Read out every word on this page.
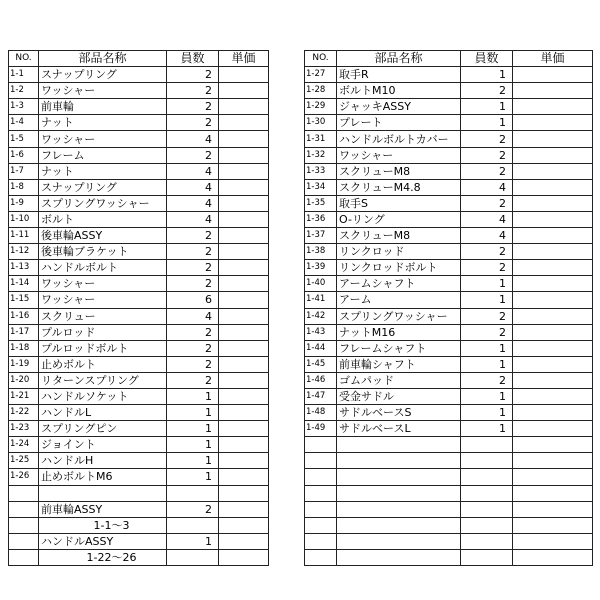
NO.	部品名称	員数	単価
1-1	スナップリング	2	
1-2	ワッシャー	2	
1-3	前車輪	2	
1-4	ナット	2	
1-5	ワッシャー	4	
1-6	フレーム	2	
1-7	ナット	4	
1-8	スナップリング	4	
1-9	スプリングワッシャー	4	
1-10	ボルト	4	
1-11	後車輪ASSY	2	
1-12	後車輪ブラケット	2	
1-13	ハンドルボルト	2	
1-14	ワッシャー	2	
1-15	ワッシャー	6	
1-16	スクリュー	4	
1-17	プルロッド	2	
1-18	プルロッドボルト	2	
1-19	止めボルト	2	
1-20	リターンスプリング	2	
1-21	ハンドルソケット	1	
1-22	ハンドルL	1	
1-23	スプリングピン	1	
1-24	ジョイント	1	
1-25	ハンドルH	1	
1-26	止めボルトM6	1	

	前車輪ASSY	2	
	1-1～3		
	ハンドルASSY	1	
	1-22～26		
NO.	部品名称	員数	単価
1-27	取手R	1	
1-28	ボルトM10	2	
1-29	ジャッキASSY	1	
1-30	プレート	1	
1-31	ハンドルボルトカバー	2	
1-32	ワッシャー	2	
1-33	スクリューM8	2	
1-34	スクリューM4.8	4	
1-35	取手S	2	
1-36	O-リング	4	
1-37	スクリューM8	4	
1-38	リンクロッド	2	
1-39	リンクロッドボルト	2	
1-40	アームシャフト	1	
1-41	アーム	1	
1-42	スプリングワッシャー	2	
1-43	ナットM16	2	
1-44	フレームシャフト	1	
1-45	前車輪シャフト	1	
1-46	ゴムパッド	2	
1-47	受金サドル	1	
1-48	サドルベースS	1	
1-49	サドルベースL	1	
